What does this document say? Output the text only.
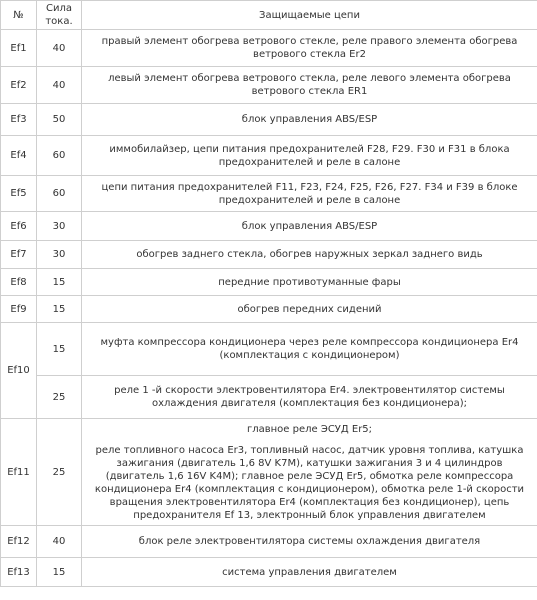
№	Сила тока.	Защищаемые цепи
Ef1	40	правый элемент обогрева ветрового стекле, реле правого элемента обогрева ветрового стекла Er2
Ef2	40	левый элемент обогрева ветрового стекла, реле левого элемента обогрева ветрового стекла ER1
Ef3	50	блок управления ABS/ESP
Ef4	60	иммобилайзер, цепи питания предохранителей F28, F29. F30 и F31 в блока предохранителей и реле в салоне
Ef5	60	цепи питания предохранителей F11, F23, F24, F25, F26, F27. F34 и F39 в блоке предохранителей и реле в салоне
Ef6	30	блок управления ABS/ESP
Ef7	30	обогрев заднего стекла, обогрев наружных зеркал заднего видь
Ef8	15	передние противотуманные фары
Ef9	15	обогрев передних сидений
Ef10	15	муфта компрессора кондиционера через реле компрессора кондиционера Er4 (комплектация с кондиционером)
	25	реле 1 -й скорости электровентилятора Er4. электровентилятор системы охлаждения двигателя (комплектация без кондиционера);
Ef11	25	главное реле ЭСУД Er5;

реле топливного насоса Er3, топливный насос, датчик уровня топлива, катушка зажигания (двигатель 1,6 8V K7M), катушки зажигания 3 и 4 цилиндров (двигатель 1,6 16V K4M); главное реле ЭСУД Er5, обмотка реле компрессора кондиционера Er4 (комплектация с кондиционером), обмотка реле 1-й скорости вращения электровентилятора Er4 (комплектация без кондиционер), цепь предохранителя Ef 13, электронный блок управления двигателем

Ef12	40	блок реле электровентилятора системы охлаждения двигателя
Ef13	15	система управления двигателем
